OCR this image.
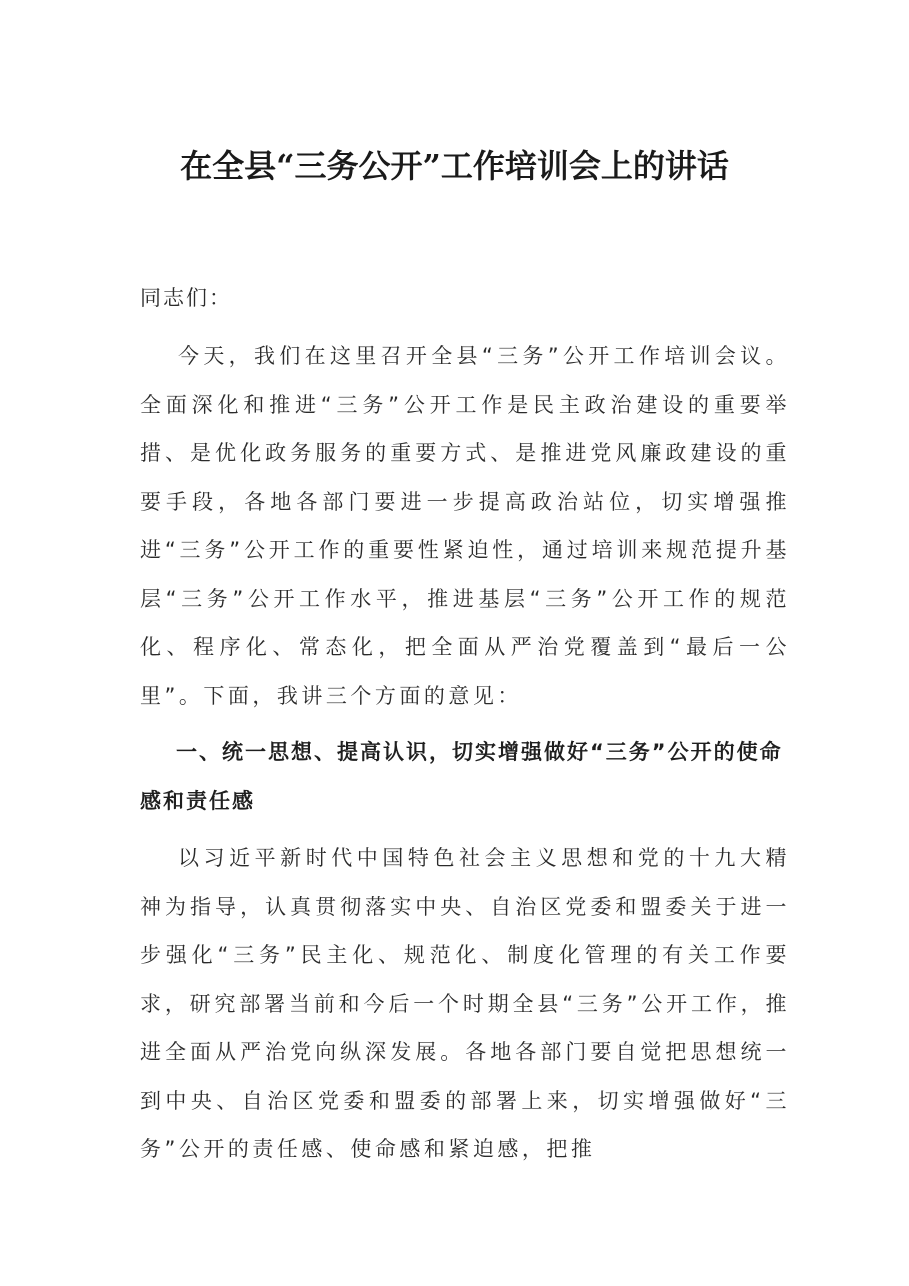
在全县“三务公开”工作培训会上的讲话

同志们：

今天，我们在这里召开全县“三务”公开工作培训会议。全面深化和推进“三务”公开工作是民主政治建设的重要举措、是优化政务服务的重要方式、是推进党风廉政建设的重要手段，各地各部门要进一步提高政治站位，切实增强推进“三务”公开工作的重要性紧迫性，通过培训来规范提升基层“三务”公开工作水平，推进基层“三务”公开工作的规范化、程序化、常态化，把全面从严治党覆盖到“最后一公里”。下面，我讲三个方面的意见：

一、统一思想、提高认识，切实增强做好“三务”公开的使命感和责任感

以习近平新时代中国特色社会主义思想和党的十九大精神为指导，认真贯彻落实中央、自治区党委和盟委关于进一步强化“三务”民主化、规范化、制度化管理的有关工作要求，研究部署当前和今后一个时期全县“三务”公开工作，推进全面从严治党向纵深发展。各地各部门要自觉把思想统一到中央、自治区党委和盟委的部署上来，切实增强做好“三务”公开的责任感、使命感和紧迫感，把推
